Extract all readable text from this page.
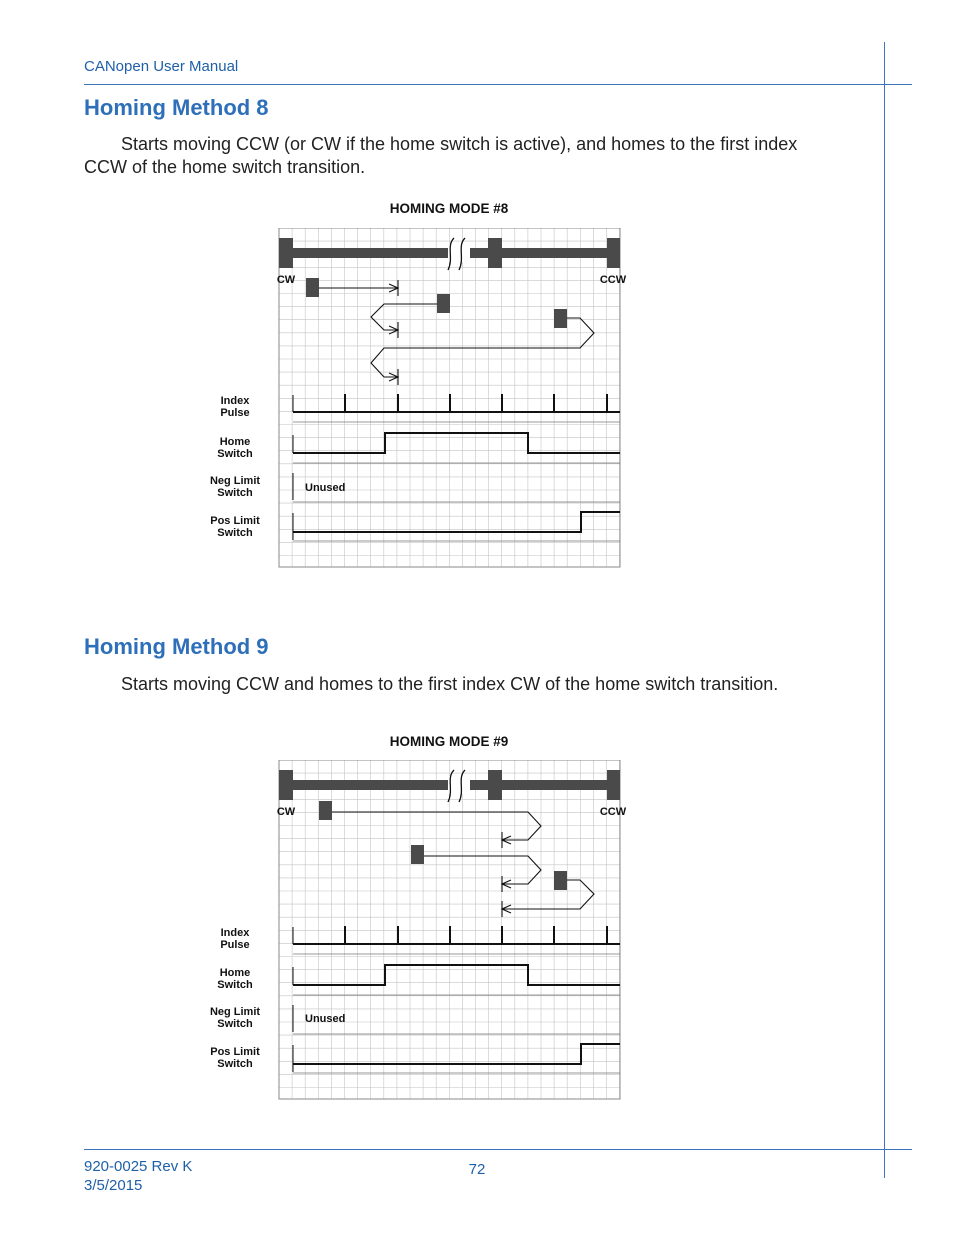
CANopen User Manual
Homing Method 8
Starts moving CCW (or CW if the home switch is active), and homes to the first index CCW of the home switch transition.
HOMING MODE #8
CW	CCW
Unused
Index
Pulse
Home
Switch
Neg Limit
Switch
Pos Limit
Switch
Homing Method 9
Starts moving CCW and homes to the first index CW of the home switch transition.
HOMING MODE #9
CW	CCW
Unused
Index
Pulse
Home
Switch
Neg Limit
Switch
Pos Limit
Switch
920-0025 Rev K
3/5/2015
72
